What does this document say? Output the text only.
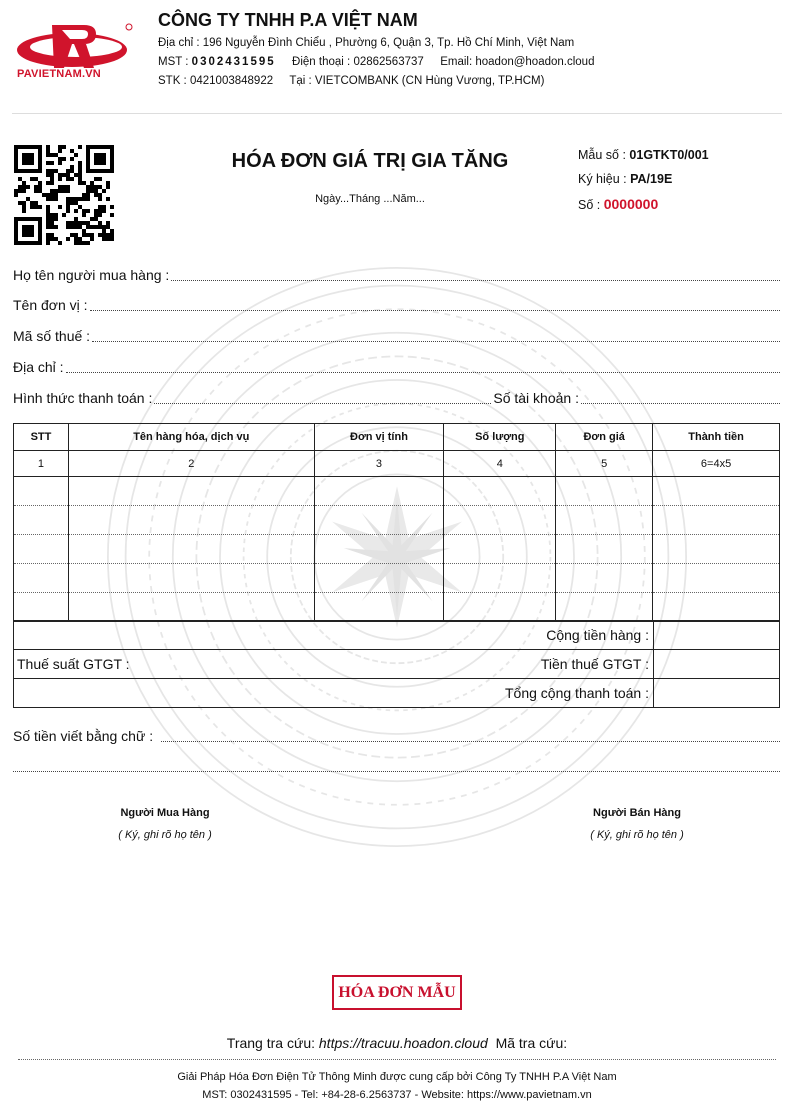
PAVIETNAM.VN
CÔNG TY TNHH P.A VIỆT NAM
Địa chỉ : 196 Nguyễn Đình Chiểu , Phường 6, Quận 3, Tp. Hồ Chí Minh, Việt Nam
MST : 0302431595 Điện thoại : 02862563737 Email: hoadon@hoadon.cloud
STK : 0421003848922 Tại : VIETCOMBANK (CN Hùng Vương, TP.HCM)
HÓA ĐƠN GIÁ TRỊ GIA TĂNG
Ngày...Tháng ...Năm...
Mẫu số : 01GTKT0/001
Ký hiệu : PA/19E
Số : 0000000
Họ tên người mua hàng :
Tên đơn vị :
Mã số thuế :
Địa chỉ :
Hình thức thanh toán :	Số tài khoản :
STT	Tên hàng hóa, dịch vụ	Đơn vị tính	Số lượng	Đơn giá	Thành tiền
1	2	3	4	5	6=4x5

Cộng tiền hàng :	

Thuế suất GTGT : Tiền thuế GTGT :	
Tổng cộng thanh toán :	
Số tiền viết bằng chữ :
Người Mua Hàng
( Ký, ghi rõ họ tên )
Người Bán Hàng
( Ký, ghi rõ họ tên )
HÓA ĐƠN MẪU
Trang tra cứu: https://tracuu.hoadon.cloud Mã tra cứu:
Giải Pháp Hóa Đơn Điện Tử Thông Minh được cung cấp bởi Công Ty TNHH P.A Việt Nam
MST: 0302431595 - Tel: +84-28-6.2563737 - Website: https://www.pavietnam.vn
